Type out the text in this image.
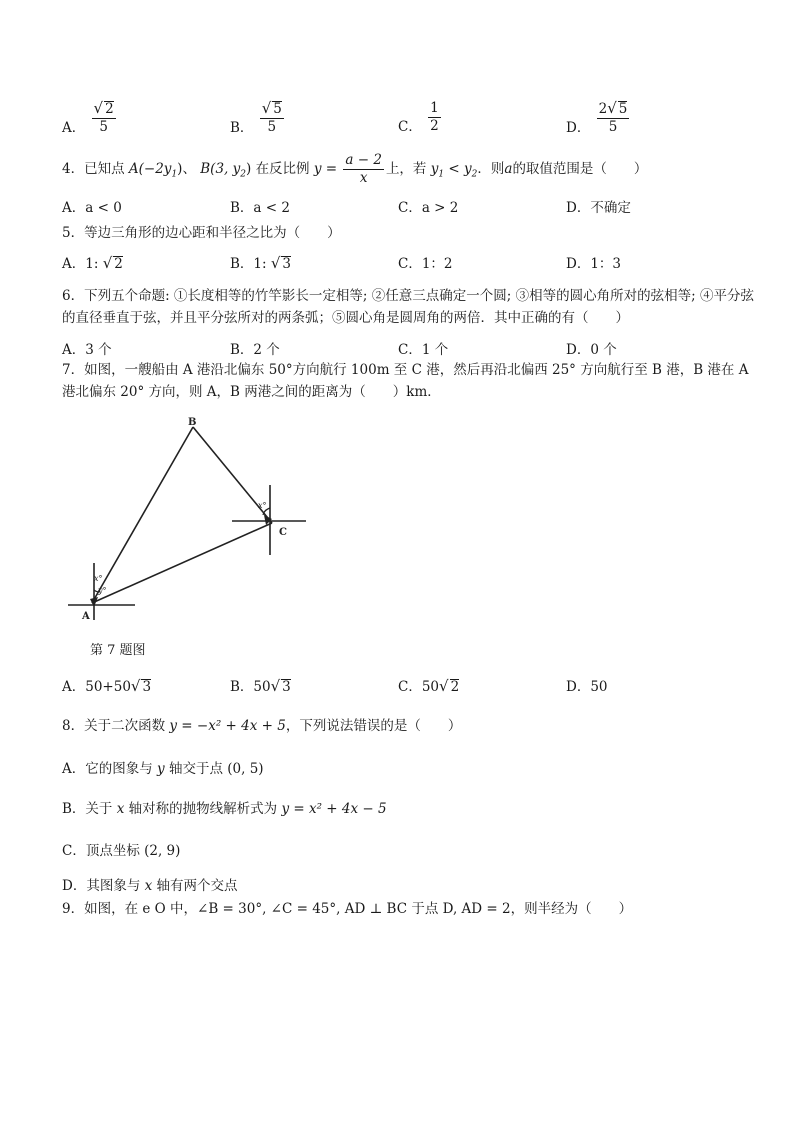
A． $\frac{√ 2}{5}$	B． $\frac{√ 5}{5}$	C． $\frac{1}{2}$	D． $\frac{2√ 5}{5}$
4．已知点 $A(-2y_1)$、 B(3, $y_2$) 在反比例 $y = \frac{a - 2}{x}$ 上，若 $y_1 < y_2$．则a的取值范围是（　　）
A．a < 0	B．a < 2	C．a > 2	D．不确定
5．等边三角形的边心距和半径之比为（　　）
A．1: √ 2	B．1: √ 3	C．1：2	D．1：3
6．下列五个命题: ①长度相等的竹竿影长一定相等; ②任意三点确定一个圆; ③相等的圆心角所对的弦相等; ④平分弦的直径垂直于弦，并且平分弦所对的两条弧；⑤圆心角是圆周角的两倍．其中正确的有（　　）
A．3 个	B．2 个	C．1 个	D．0 个
7．如图，一艘船由 A 港沿北偏东 50°方向航行 100m 至 C 港，然后再沿北偏西 25° 方向航行至 B 港，B 港在 A 港北偏东 20° 方向，则 A，B 两港之间的距离为（　　）km．
B
C
A
x°
x°
y°
第 7 题图
A．50+50√ 3	B．50√ 3	C．50√ 2	D．50
8．关于二次函数 y = −x² + 4x + 5，下列说法错误的是（　　）
A．它的图象与 y 轴交于点 (0, 5)
B．关于 x 轴对称的抛物线解析式为 y = x² + 4x − 5
C．顶点坐标 (2, 9)
D．其图象与 x 轴有两个交点
9．如图，在 e O 中，∠B = 30°, ∠C = 45°, AD ⊥ BC 于点 D, AD = 2，则半经为（　　）
